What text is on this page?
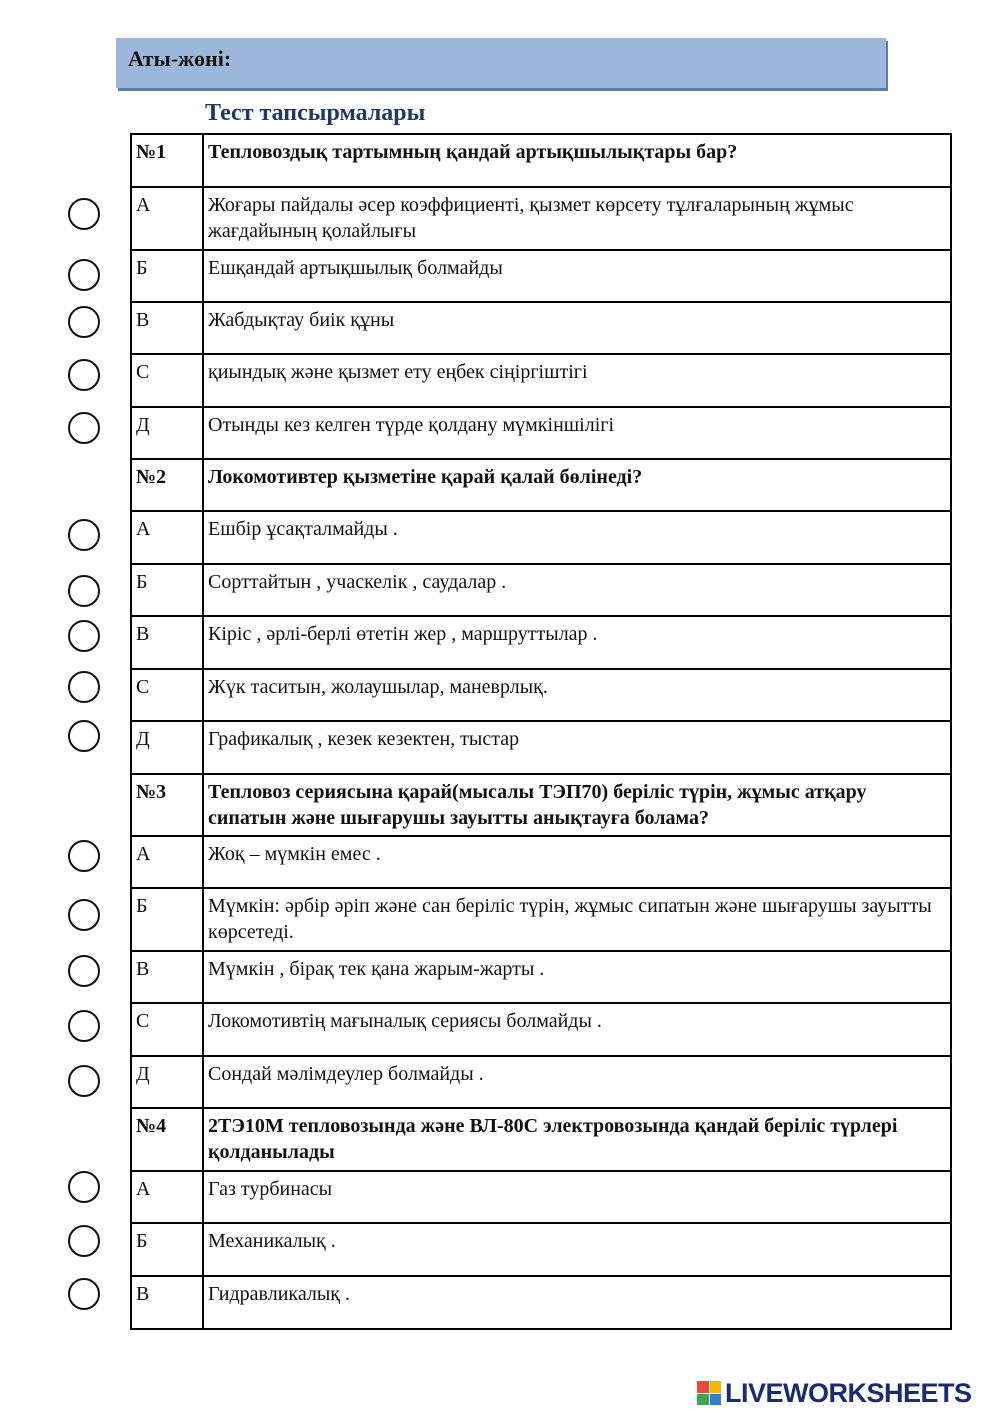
Аты-жөні:
Тест тапсырмалары
№1	Тепловоздық тартымның қандай артықшылықтары бар?
А	Жоғары пайдалы әсер коэффициенті, қызмет көрсету тұлғаларының жұмыс жағдайының қолайлығы
Б	Ешқандай артықшылық болмайды
В	Жабдықтау биік құны
С	қиындық және қызмет ету еңбек сіңіргіштігі
Д	Отынды кез келген түрде қолдану мүмкіншілігі
№2	Локомотивтер қызметіне қарай қалай бөлінеді?
А	Ешбір ұсақталмайды .
Б	Сорттайтын , учаскелік , саудалар .
В	Кіріс , әрлі-берлі өтетін жер , маршруттылар .
С	Жүк таситын, жолаушылар, маневрлық.
Д	Графикалық , кезек кезектен, тыстар
№3	Тепловоз сериясына қарай(мысалы ТЭП70) беріліс түрін, жұмыс атқару сипатын және шығарушы зауытты анықтауға болама?
А	Жоқ – мүмкін емес .
Б	Мүмкін: әрбір әріп және сан беріліс түрін, жұмыс сипатын және шығарушы зауытты көрсетеді.
В	Мүмкін , бірақ тек қана жарым-жарты .
С	Локомотивтің мағыналық сериясы болмайды .
Д	Сондай мәлімдеулер болмайды .
№4	2ТЭ10М тепловозында және ВЛ-80С электровозында қандай беріліс түрлері қолданылады
А	Газ турбинасы
Б	Механикалық .
В	Гидравликалық .
LIVEWORKSHEETS
